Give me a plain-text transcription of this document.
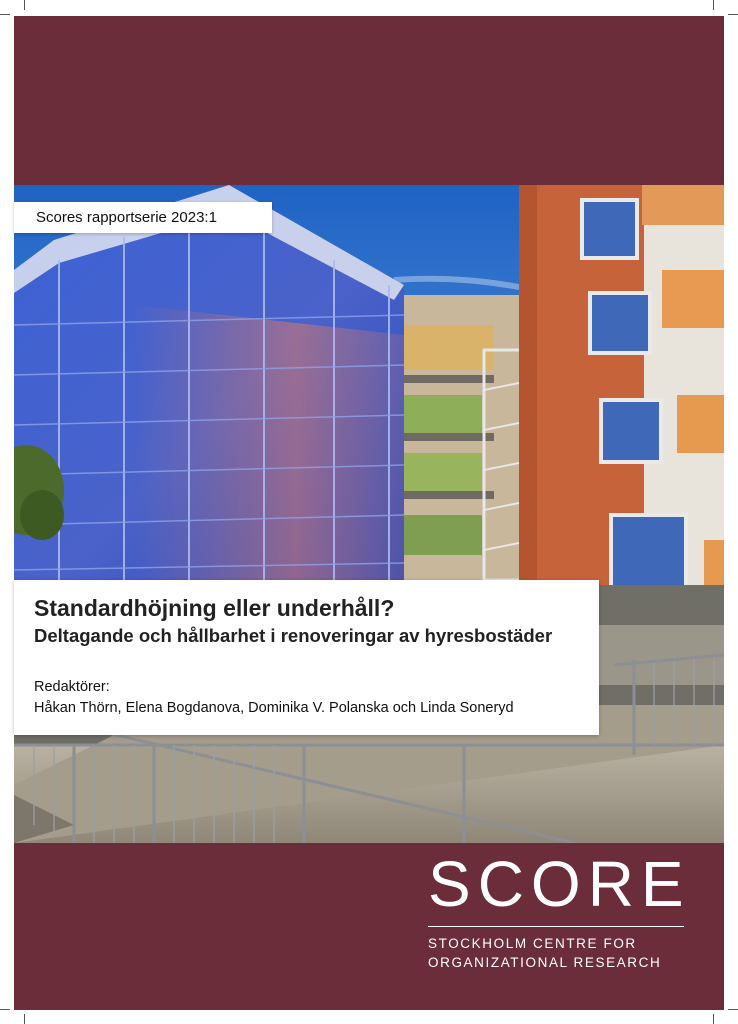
Scores rapportserie 2023:1
Standardhöjning eller underhåll?
Deltagande och hållbarhet i renoveringar av hyresbostäder
Redaktörer:
Håkan Thörn, Elena Bogdanova, Dominika V. Polanska och Linda Soneryd
SCORE
STOCKHOLM CENTRE FOR
ORGANIZATIONAL RESEARCH
